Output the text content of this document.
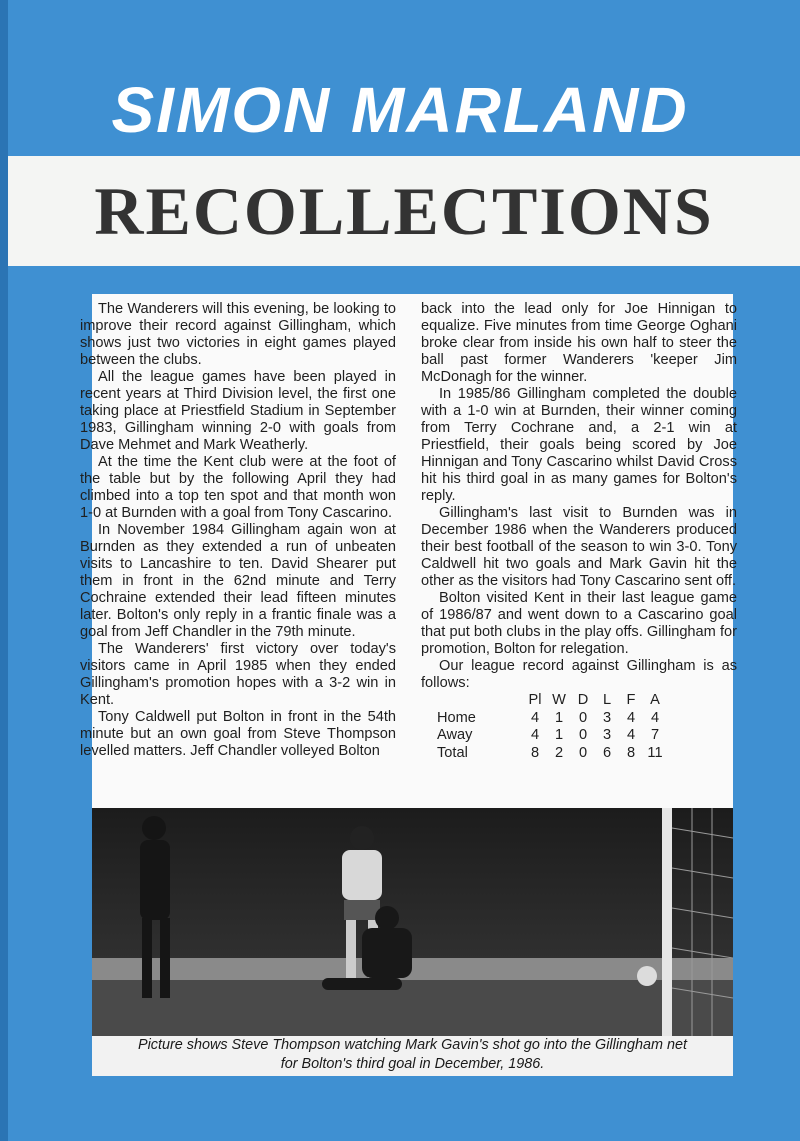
SIMON MARLAND
RECOLLECTIONS

The Wanderers will this evening, be looking to improve their record against Gillingham, which shows just two victories in eight games played between the clubs.

All the league games have been played in recent years at Third Division level, the first one taking place at Priestfield Stadium in September 1983, Gillingham winning 2-0 with goals from Dave Mehmet and Mark Weatherly.

At the time the Kent club were at the foot of the table but by the following April they had climbed into a top ten spot and that month won 1-0 at Burnden with a goal from Tony Cascarino.

In November 1984 Gillingham again won at Burnden as they extended a run of unbeaten visits to Lancashire to ten. David Shearer put them in front in the 62nd minute and Terry Cochraine extended their lead fifteen minutes later. Bolton's only reply in a frantic finale was a goal from Jeff Chandler in the 79th minute.

The Wanderers' first victory over today's visitors came in April 1985 when they ended Gillingham's promotion hopes with a 3-2 win in Kent.

Tony Caldwell put Bolton in front in the 54th minute but an own goal from Steve Thompson levelled matters. Jeff Chandler volleyed Bolton

back into the lead only for Joe Hinnigan to equalize. Five minutes from time George Oghani broke clear from inside his own half to steer the ball past former Wanderers 'keeper Jim McDonagh for the winner.

In 1985/86 Gillingham completed the double with a 1-0 win at Burnden, their winner coming from Terry Cochrane and, a 2-1 win at Priestfield, their goals being scored by Joe Hinnigan and Tony Cascarino whilst David Cross hit his third goal in as many games for Bolton's reply.

Gillingham's last visit to Burnden was in December 1986 when the Wanderers produced their best football of the season to win 3-0. Tony Caldwell hit two goals and Mark Gavin hit the other as the visitors had Tony Cascarino sent off.

Bolton visited Kent in their last league game of 1986/87 and went down to a Cascarino goal that put both clubs in the play offs. Gillingham for promotion, Bolton for relegation.

Our league record against Gillingham is as follows:

	Pl	W	D	L	F	A
Home	4	1	0	3	4	4
Away	4	1	0	3	4	7
Total	8	2	0	6	8	11
Picture shows Steve Thompson watching Mark Gavin's shot go into the Gillingham net
for Bolton's third goal in December, 1986.
